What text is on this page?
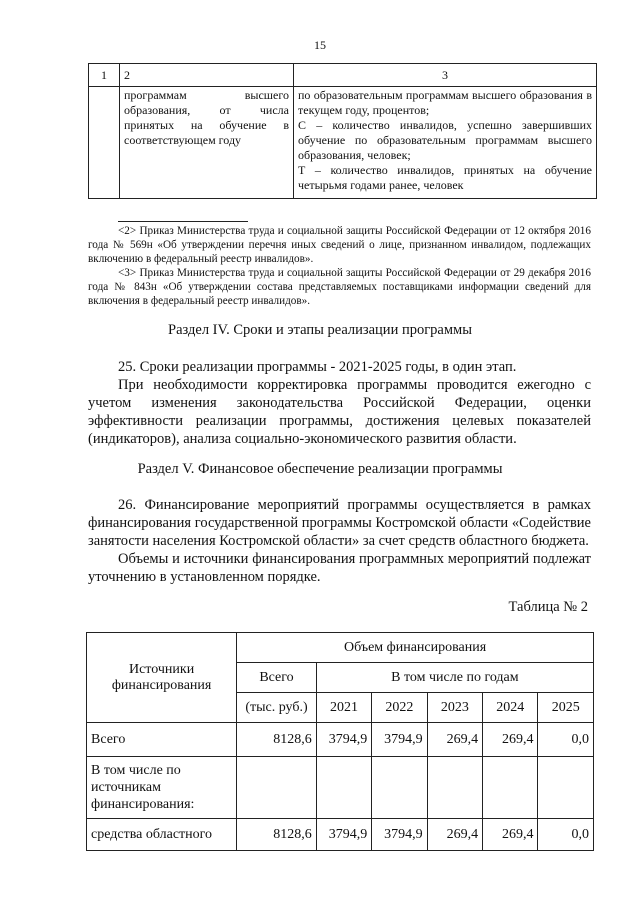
15
1	2	3

	программам высшего образования, от числа принятых на обучение в соответствующем году	по образовательным программам высшего образования в текущем году, процентов;
С – количество инвалидов, успешно завершивших обучение по образовательным программам высшего образования, человек;
Т – количество инвалидов, принятых на обучение четырьмя годами ранее, человек

<2> Приказ Министерства труда и социальной защиты Российской Федерации от 12 октября 2016 года № 569н «Об утверждении перечня иных сведений о лице, признанном инвалидом, подлежащих включению в федеральный реестр инвалидов».

<3> Приказ Министерства труда и социальной защиты Российской Федерации от 29 декабря 2016 года № 843н «Об утверждении состава представляемых поставщиками информации сведений для включения в федеральный реестр инвалидов».

Раздел IV. Сроки и этапы реализации программы

25. Сроки реализации программы - 2021-2025 годы, в один этап.

При необходимости корректировка программы проводится ежегодно с учетом изменения законодательства Российской Федерации, оценки эффективности реализации программы, достижения целевых показателей (индикаторов), анализа социально-экономического развития области.

Раздел V. Финансовое обеспечение реализации программы

26. Финансирование мероприятий программы осуществляется в рамках финансирования государственной программы Костромской области «Содействие занятости населения Костромской области» за счет средств областного бюджета.

Объемы и источники финансирования программных мероприятий подлежат уточнению в установленном порядке.

Таблица № 2
Источники финансирования	Объем финансирования					
	Всего	В том числе по годам				
	(тыс. руб.)	2021	2022	2023	2024	2025
Всего	8128,6	3794,9	3794,9	269,4	269,4	0,0
В том числе по источникам финансирования:						
средства областного	8128,6	3794,9	3794,9	269,4	269,4	0,0
